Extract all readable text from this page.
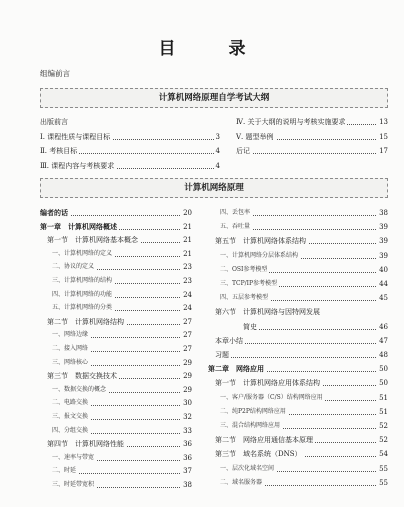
目　录
组编前言
计算机网络原理自学考试大纲
出版前言
Ⅰ. 课程性质与课程目标	3
Ⅱ. 考核目标	4
Ⅲ. 课程内容与考核要求	4
Ⅳ. 关于大纲的说明与考核实施要求	13
Ⅴ. 题型举例	15
后记	17
计算机网络原理
编者的话	20
第一章　计算机网络概述	21
　第一节　计算机网络基本概念	21
　　一、计算机网络的定义	21
　　二、协议的定义	23
　　三、计算机网络的结构	23
　　四、计算机网络的功能	24
　　五、计算机网络的分类	24
　第二节　计算机网络结构	27
　　一、网络边缘	27
　　二、接入网络	27
　　三、网络核心	29
　第三节　数据交换技术	29
　　一、数据交换的概念	29
　　二、电路交换	30
　　三、报文交换	32
　　四、分组交换	33
　第四节　计算机网络性能	36
　　一、速率与带宽	36
　　二、时延	37
　　三、时延带宽积	38
　　四、丢包率	38
　　五、吞吐量	39
　第五节　计算机网络体系结构	39
　　一、计算机网络分层体系结构	39
　　二、OSI参考模型	40
　　三、TCP/IP参考模型	44
　　四、五层参考模型	45
　第六节　计算机网络与因特网发展
　　　　　简史	46
　本章小结	47
　习题	48
第二章　网络应用	50
　第一节　计算机网络应用体系结构	50
　　一、客户/服务器（C/S）结构网络应用	51
　　二、纯P2P结构网络应用	51
　　三、混合结构网络应用	52
　第二节　网络应用通信基本原理	52
　第三节　域名系统（DNS）	54
　　一、层次化域名空间	55
　　二、域名服务器	55
